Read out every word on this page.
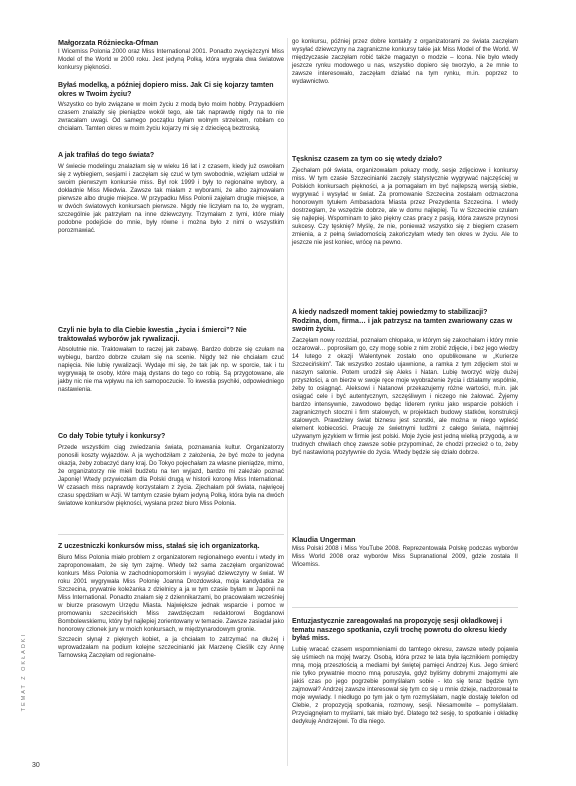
Małgorzata Różniecka-Ofman

I Wicemiss Polonia 2000 oraz Miss International 2001. Ponadto zwyciężczyni Miss Model of the World w 2000 roku. Jest jedyną Polką, która wygrała dwa światowe konkursy piękności.

Byłaś modelką, a później dopiero miss. Jak Ci się kojarzy tamten okres w Twoim życiu?

Wszystko co było związane w moim życiu z modą było moim hobby. Przypadkiem czasem znalazły się pieniądze wokół tego, ale tak naprawdę nigdy na to nie zwracałam uwagi. Od samego początku byłam wolnym strzelcem, robiłam co chciałam. Tamten okres w moim życiu kojarzy mi się z dziecięcą beztroską.

A jak trafiłaś do tego świata?

W świecie modelingu znalazłam się w wieku 16 lat i z czasem, kiedy już oswoiłam się z wybiegiem, sesjami i zaczęłam się czuć w tym swobodnie, wzięłam udział w swoim pierwszym konkursie miss. Był rok 1999 i były to regionalne wybory, a dokładnie Miss Miedwia. Zawsze tak miałam z wyborami, że albo zajmowałam pierwsze albo drugie miejsce. W przypadku Miss Polonii zajęłam drugie miejsce, a w dwóch światowych konkursach pierwsze. Nigdy nie liczyłam na to, że wygram, szczególnie jak patrzyłam na inne dziewczyny. Trzymałam z tymi, które miały podobne podejście do mnie, były równe i można było z nimi o wszystkim porozmawiać.

Czyli nie była to dla Ciebie kwestia „życia i śmierci”? Nie traktowałaś wyborów jak rywalizacji.

Absolutnie nie. Traktowałam to raczej jak zabawę. Bardzo dobrze się czułam na wybiegu, bardzo dobrze czułam się na scenie. Nigdy też nie chciałam czuć napięcia. Nie lubię rywalizacji. Wydaje mi się, że tak jak np. w sporcie, tak i tu wygrywają te osoby, które mają dystans do tego co robią. Są przygotowane, ale jakby nic nie ma wpływu na ich samopoczucie. To kwestia psychiki, odpowiedniego nastawienia.

Co dały Tobie tytuły i konkursy?

Przede wszystkim ciąg zwiedzania świata, poznawania kultur. Organizatorzy ponosili koszty wyjazdów. A ja wychodziłam z założenia, że być może to jedyna okazja, żeby zobaczyć dany kraj. Do Tokyo pojechałam za własne pieniądze, mimo, że organizatorzy nie mieli budżetu na ten wyjazd, bardzo mi zależało poznać Japonię! Wtedy przywiozłam dla Polski drugą w historii koronę Miss International. W czasach miss naprawdę korzystałam z życia. Zjechałam pół świata, najwięcej czasu spędziłam w Azji. W tamtym czasie byłam jedyną Polką, która była na dwóch światowe konkursów piękności, wysłana przez biuro Miss Polonia.

Z uczestniczki konkursów miss, stałaś się ich organizatorką.

Biuro Miss Polonia miało problem z organizatorem regionalnego eventu i wtedy im zaproponowałam, że się tym zajmę. Wtedy też sama zaczęłam organizować konkurs Miss Polonia w zachodniopomorskim i wysyłać dziewczyny w świat. W roku 2001 wygrywała Miss Polonię Joanna Drozdowska, moja kandydatka ze Szczecina, prywatnie koleżanka z dzielnicy a ja w tym czasie byłam w Japonii na Miss International. Ponadto znałam się z dziennikarzami, bo pracowałam wcześniej w biurze prasowym Urzędu Miasta. Największe jednak wsparcie i pomoc w promowaniu szczecińskich Miss zawdzięczam redaktorowi Bogdanowi Bombolewskiemu, który był najlepiej zorientowany w temacie. Zawsze zasiadał jako honorowy członek jury w moich konkursach, w międzynarodowym gronie.

Szczecin słynął z pięknych kobiet, a ja chciałam to zatrzymać na dłużej i wprowadzałam na podium kolejne szczecinianki jak Marzenę Cieślik czy Annę Tarnowską Zaczęłam od regionalne-

go konkursu, później przez dobre kontakty z organizatorami ze świata zaczęłam wysyłać dziewczyny na zagraniczne konkursy takie jak Miss Model of the World. W międzyczasie zaczęłam robić także magazyn o modzie – Icona. Nie było wtedy jeszcze rynku modowego u nas, wszystko dopiero się tworzyło, a że mnie to zawsze interesowało, zaczęłam działać na tym rynku, m.in. poprzez to wydawnictwo.

Tęsknisz czasem za tym co się wtedy działo?

Zjechałam pół świata, organizowałam pokazy mody, sesje zdjęciowe i konkursy miss. W tym czasie Szczecinianki zaczęły statystycznie wygrywać najczęściej w Polskich konkursach piękności, a ja pomagałam im być najlepszą wersją siebie, wygrywać i wysyłać w świat. Za promowanie Szczecina zostałam odznaczona honorowym tytułem Ambasadora Miasta przez Prezydenta Szczecina. I wtedy dostrzegłam, że wszędzie dobrze, ale w domu najlepiej. Tu w Szczecinie czułam się najlepiej. Wspominam to jako piękny czas pracy z pasją, która zawsze przynosi sukcesy. Czy tęsknię? Myślę, że nie, ponieważ wszystko się z biegiem czasem zmienia, a z pełną świadomością zakończyłam wtedy ten okres w życiu. Ale to jeszcze nie jest koniec, wrócę na pewno.

A kiedy nadszedł moment takiej powiedzmy to stabilizacji? Rodzina, dom, firma… i jak patrzysz na tamten zwariowany czas w swoim życiu.

Zaczęłam nowy rozdział, poznałam chłopaka, w którym się zakochałam i który mnie oczarował… poprosiłam go, czy mogę sobie z nim zrobić zdjęcie, i bez jego wiedzy 14 lutego z okazji Walentynek zostało ono opublikowane w „Kurierze Szczecińskim”. Tak wszystko zostało ujawnione, a ramka z tym zdjęciem stoi w naszym salonie. Potem urodził się Aleks i Natan. Lubię tworzyć wizję dużej przyszłości, a on bierze w swoje ręce moje wyobrażenie życia i działamy wspólnie, żeby to osiągnąć. Aleksowi i Natanowi przekazujemy różne wartości, m.in. jak osiągać cele i być autentycznym, szczęśliwym i niczego nie żałować. Żyjemy bardzo intensywnie, zawodowo będąc liderem rynku jako wsparcie polskich i zagranicznych stoczni i firm stalowych, w projektach budowy statków, konstrukcji stalowych. Prawdziwy świat biznesu jest szorstki, ale można w niego wpleść element kobiecości. Pracuję ze świetnymi ludźmi z całego świata, najmniej używanym językiem w firmie jest polski. Moje życie jest jedną wielką przygodą, a w trudnych chwilach chcę zawsze sobie przypominać, że chodzi przecież o to, żeby być nastawioną pozytywnie do życia. Wtedy będzie się działo dobrze.

Klaudia Ungerman

Miss Polski 2008 i Miss YouTube 2008. Reprezentowała Polskę podczas wyborów Miss World 2008 oraz wyborów Miss Supranational 2009, gdzie została II Wicemiss.

Entuzjastycznie zareagowałaś na propozycję sesji okładkowej i tematu naszego spotkania, czyli trochę powrotu do okresu kiedy byłaś miss.

Lubię wracać czasem wspomnieniami do tamtego okresu, zawsze wtedy pojawia się uśmiech na mojej twarzy. Osobą, która przez te lata była łącznikiem pomiędzy mną, moją przeszłością a mediami był świętej pamięci Andrzej Kus. Jego śmierć nie tylko prywatnie mocno mną poruszyła, gdyż byliśmy dobrymi znajomymi ale jakiś czas po jego pogrzebie pomyślałam sobie - kto się teraz będzie tym zajmował? Andrzej zawsze interesował się tym co się u mnie dzieje, nadzorował te moje wywiady. I niedługo po tym jak o tym rozmyślałam, nagle dostaję telefon od Clebie, z propozycją spotkania, rozmowy, sesji. Niesamowite – pomyślałam. Przyciągnęłam to myślami, tak miało być. Dlatego też sesję, to spotkanie i okładkę dedykuję Andrzejowi. To dla niego.

TEMAT Z OKŁADKI
30
